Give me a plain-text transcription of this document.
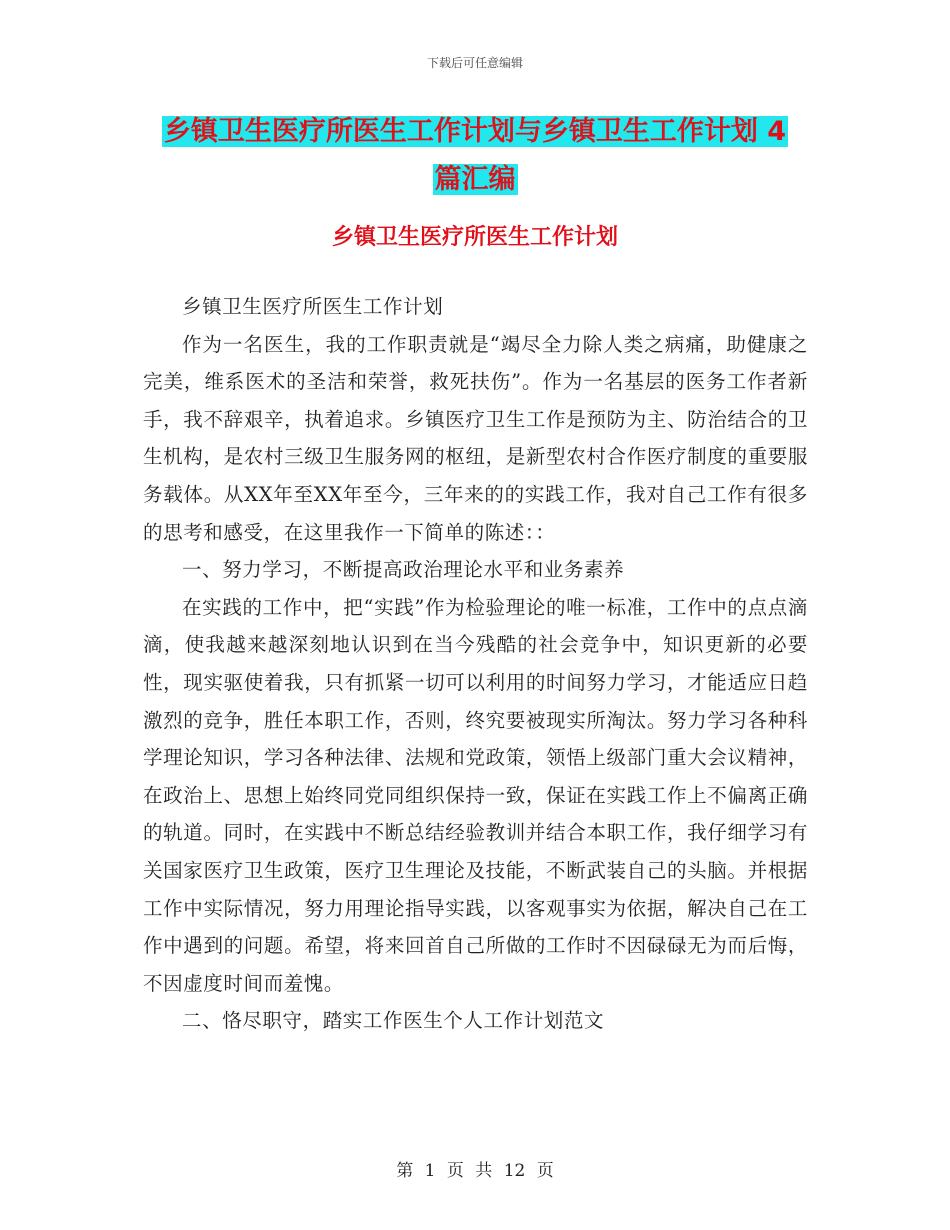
下载后可任意编辑
乡镇卫生医疗所医生工作计划与乡镇卫生工作计划 4
篇汇编
乡镇卫生医疗所医生工作计划

乡镇卫生医疗所医生工作计划

作为一名医生，我的工作职责就是“竭尽全力除人类之病痛，助健康之完美，维系医术的圣洁和荣誉，救死扶伤”。作为一名基层的医务工作者新手，我不辞艰辛，执着追求。乡镇医疗卫生工作是预防为主、防治结合的卫生机构，是农村三级卫生服务网的枢纽，是新型农村合作医疗制度的重要服务载体。从XX年至XX年至今，三年来的的实践工作，我对自己工作有很多的思考和感受，在这里我作一下简单的陈述：：

一、努力学习，不断提高政治理论水平和业务素养

在实践的工作中，把“实践”作为检验理论的唯一标准，工作中的点点滴滴，使我越来越深刻地认识到在当今残酷的社会竞争中，知识更新的必要性，现实驱使着我，只有抓紧一切可以利用的时间努力学习，才能适应日趋激烈的竞争，胜任本职工作，否则，终究要被现实所淘汰。努力学习各种科学理论知识，学习各种法律、法规和党政策，领悟上级部门重大会议精神，在政治上、思想上始终同党同组织保持一致，保证在实践工作上不偏离正确的轨道。同时，在实践中不断总结经验教训并结合本职工作，我仔细学习有关国家医疗卫生政策，医疗卫生理论及技能，不断武装自己的头脑。并根据工作中实际情况，努力用理论指导实践，以客观事实为依据，解决自己在工作中遇到的问题。希望，将来回首自己所做的工作时不因碌碌无为而后悔，不因虚度时间而羞愧。

二、恪尽职守，踏实工作医生个人工作计划范文

第 1 页 共 12 页
